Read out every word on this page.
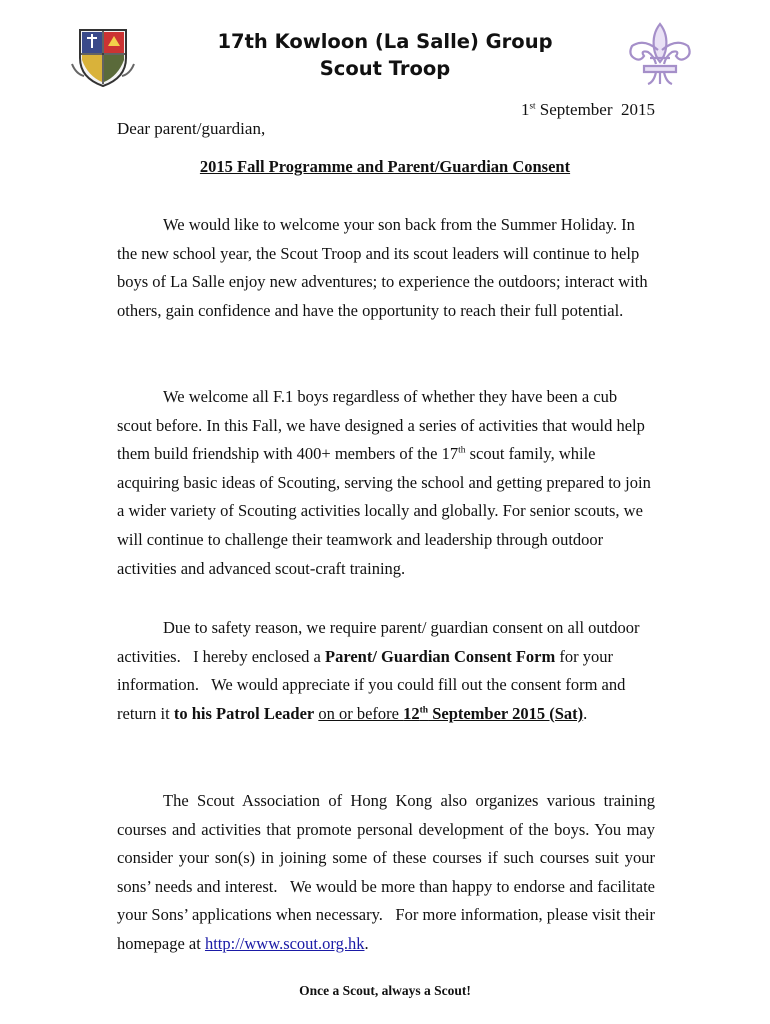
17th Kowloon (La Salle) Group
Scout Troop
1st September  2015
Dear parent/guardian,
2015 Fall Programme and Parent/Guardian Consent

We would like to welcome your son back from the Summer Holiday. In the new school year, the Scout Troop and its scout leaders will continue to help boys of La Salle enjoy new adventures; to experience the outdoors; interact with others, gain confidence and have the opportunity to reach their full potential.

We welcome all F.1 boys regardless of whether they have been a cub scout before. In this Fall, we have designed a series of activities that would help them build friendship with 400+ members of the 17th scout family, while acquiring basic ideas of Scouting, serving the school and getting prepared to join a wider variety of Scouting activities locally and globally. For senior scouts, we will continue to challenge their teamwork and leadership through outdoor activities and advanced scout-craft training.

Due to safety reason, we require parent/ guardian consent on all outdoor activities.   I hereby enclosed a Parent/ Guardian Consent Form for your information.   We would appreciate if you could fill out the consent form and return it to his Patrol Leader on or before 12th September 2015 (Sat).

The Scout Association of Hong Kong also organizes various training courses and activities that promote personal development of the boys. You may consider your son(s) in joining some of these courses if such courses suit your sons’ needs and interest.   We would be more than happy to endorse and facilitate your Sons’ applications when necessary.   For more information, please visit their homepage at http://www.scout.org.hk.

Once a Scout, always a Scout!
